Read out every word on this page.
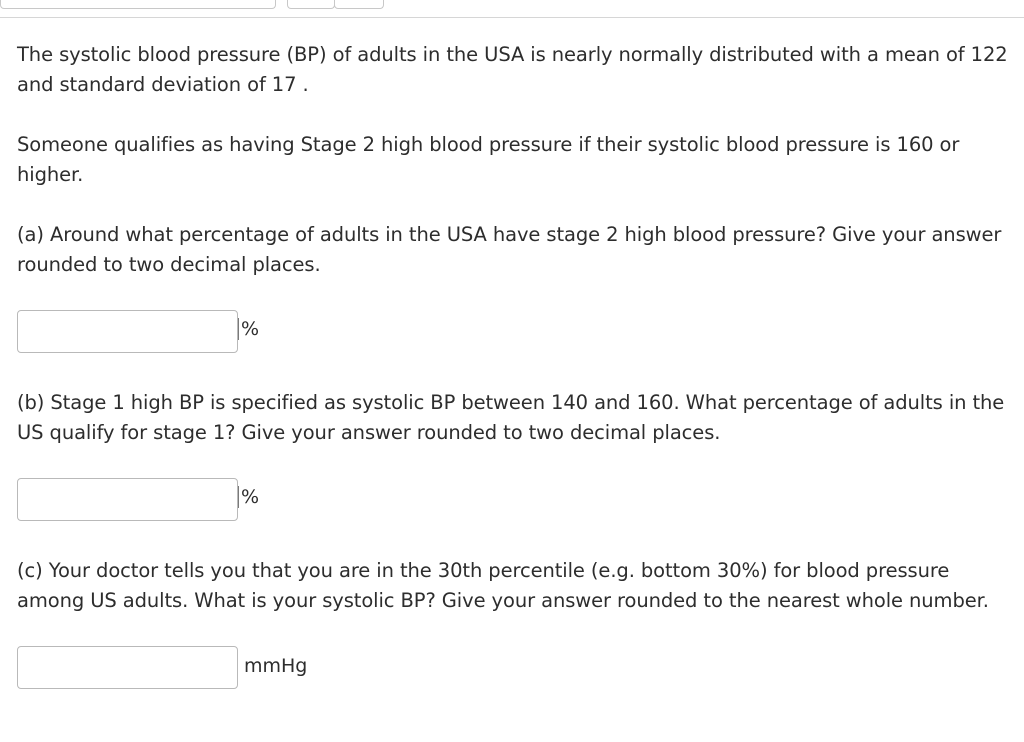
The systolic blood pressure (BP) of adults in the USA is nearly normally distributed with a mean of 122 and standard deviation of 17 .

Someone qualifies as having Stage 2 high blood pressure if their systolic blood pressure is 160 or higher.

(a) Around what percentage of adults in the USA have stage 2 high blood pressure? Give your answer rounded to two decimal places.

%

(b) Stage 1 high BP is specified as systolic BP between 140 and 160. What percentage of adults in the US qualify for stage 1? Give your answer rounded to two decimal places.

%

(c) Your doctor tells you that you are in the 30th percentile (e.g. bottom 30%) for blood pressure among US adults. What is your systolic BP? Give your answer rounded to the nearest whole number.

mmHg
